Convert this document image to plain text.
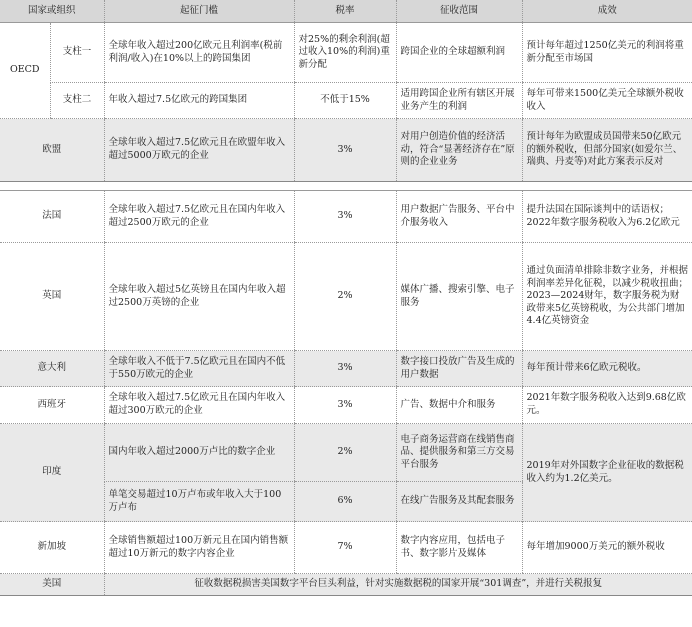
国家或组织		起征门槛	税率	征收范围	成效
OECD	支柱一	全球年收入超过200亿欧元且利润率(税前利润/收入)在10%以上的跨国集团	对25%的剩余利润(超过收入10%的利润)重新分配	跨国企业的全球超额利润	预计每年超过1250亿美元的利润将重新分配至市场国
	支柱二	年收入超过7.5亿欧元的跨国集团	不低于15%	适用跨国企业所有辖区开展业务产生的利润	每年可带来1500亿美元全球额外税收收入
欧盟		全球年收入超过7.5亿欧元且在欧盟年收入超过5000万欧元的企业	3%	对用户创造价值的经济活动，符合“显著经济存在”原则的企业业务	预计每年为欧盟成员国带来50亿欧元的额外税收，但部分国家(如爱尔兰、瑞典、丹麦等)对此方案表示反对

法国		全球年收入超过7.5亿欧元且在国内年收入超过2500万欧元的企业	3%	用户数据广告服务、平台中介服务收入	提升法国在国际谈判中的话语权；2022年数字服务税收入为6.2亿欧元
英国		全球年收入超过5亿英镑且在国内年收入超过2500万英镑的企业	2%	媒体广播、搜索引擎、电子服务	通过负面清单排除非数字业务，并根据利润率差异化征税，以减少税收扭曲；2023—2024财年，数字服务税为财政带来5亿英镑税收，为公共部门增加4.4亿英镑资金
意大利		全球年收入不低于7.5亿欧元且在国内不低于550万欧元的企业	3%	数字接口投放广告及生成的用户数据	每年预计带来6亿欧元税收。
西班牙		全球年收入超过7.5亿欧元且在国内年收入超过300万欧元的企业	3%	广告、数据中介和服务	2021年数字服务税收入达到9.68亿欧元。
印度		国内年收入超过2000万卢比的数字企业	2%	电子商务运营商在线销售商品、提供服务和第三方交易平台服务	2019年对外国数字企业征收的数据税收入约为1.2亿美元。
		单笔交易超过10万卢布或年收入大于100万卢布	6%	在线广告服务及其配套服务	
新加坡		全球销售额超过100万新元且在国内销售额超过10万新元的数字内容企业	7%	数字内容应用，包括电子书、数字影片及媒体	每年增加9000万美元的额外税收
美国		征收数据税损害美国数字平台巨头利益，针对实施数据税的国家开展“301调查”，并进行关税报复			
